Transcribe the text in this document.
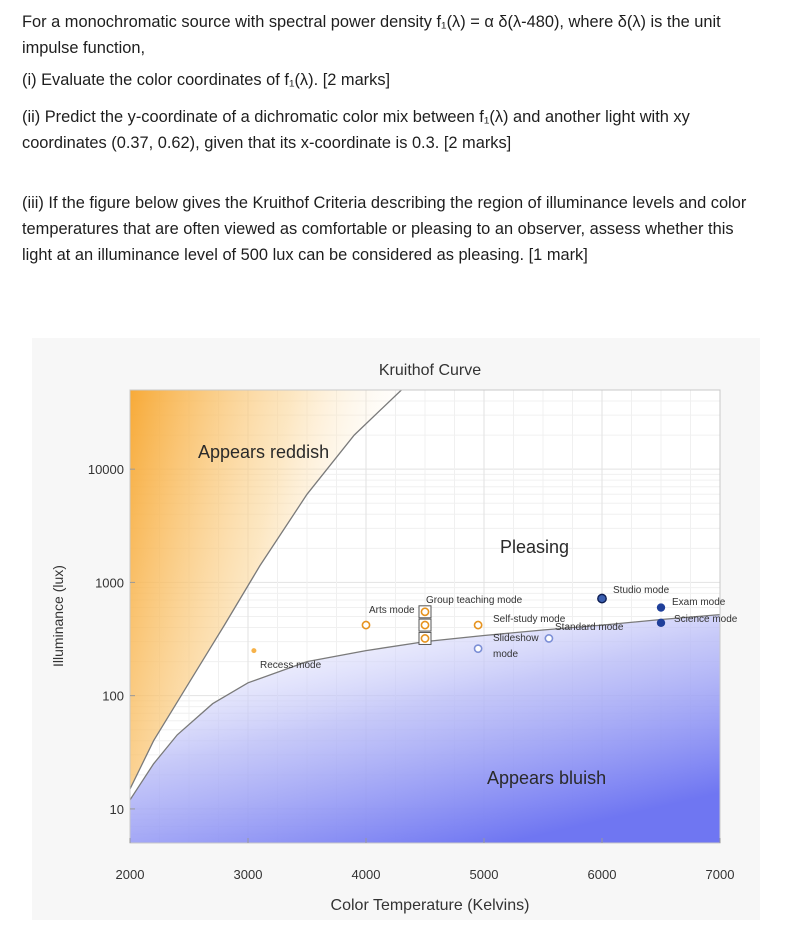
For a monochromatic source with spectral power density f₁(λ) = α δ(λ-480), where δ(λ) is the unit impulse function,
(i) Evaluate the color coordinates of f₁(λ). [2 marks]
(ii) Predict the y-coordinate of a dichromatic color mix between f₁(λ) and another light with xy coordinates (0.37, 0.62), given that its x-coordinate is 0.3. [2 marks]
(iii) If the figure below gives the Kruithof Criteria describing the region of illuminance levels and color temperatures that are often viewed as comfortable or pleasing to an observer, assess whether this light at an illuminance level of 500 lux can be considered as pleasing. [1 mark]
Kruithof Curve
2000	3000	4000	5000	6000	7000
10
100
1000
10000
Appears reddish
Pleasing
Appears bluish
Arts mode
Group teaching mode
Self-study mode
Slideshow
mode
Standard mode
Studio mode
Exam mode
Science mode
Recess mode
Color Temperature (Kelvins)
Illuminance (lux)
